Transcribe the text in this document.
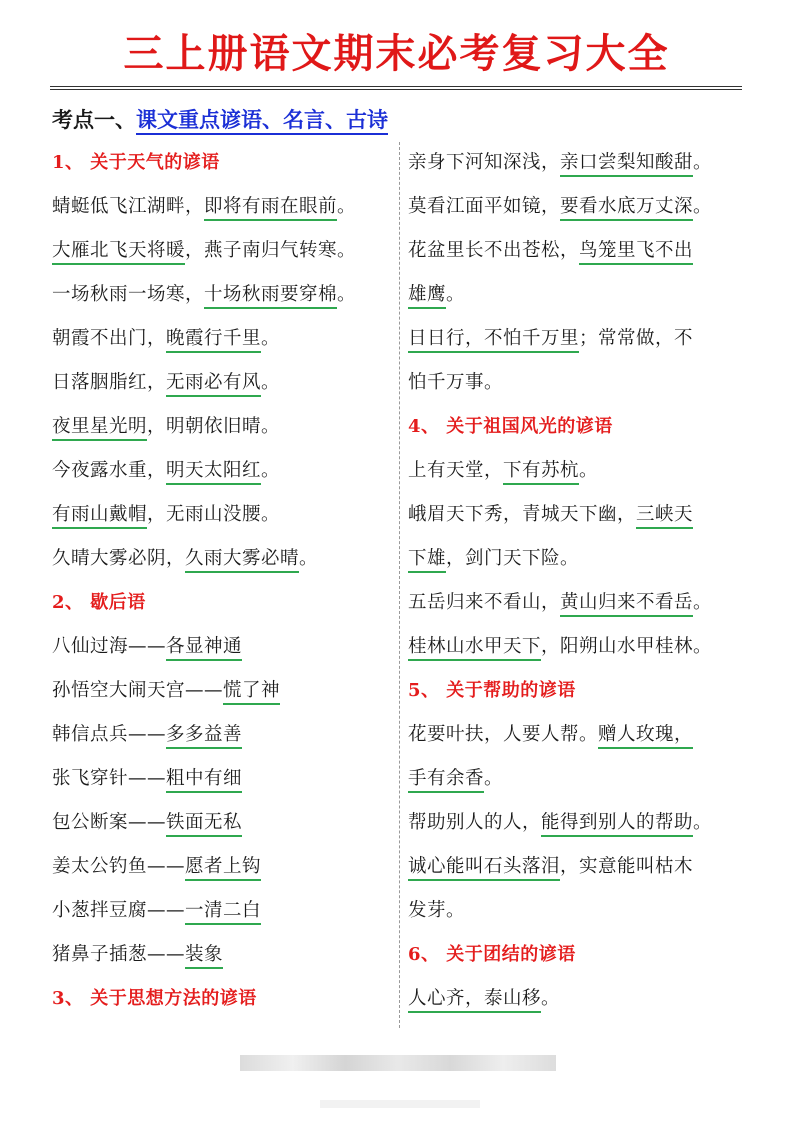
三上册语文期末必考复习大全
考点一、课文重点谚语、名言、古诗
1、 关于天气的谚语
蜻蜓低飞江湖畔，即将有雨在眼前。
大雁北飞天将暖，燕子南归气转寒。
一场秋雨一场寒，十场秋雨要穿棉。
朝霞不出门，晚霞行千里。
日落胭脂红，无雨必有风。
夜里星光明，明朝依旧晴。
今夜露水重，明天太阳红。
有雨山戴帽，无雨山没腰。
久晴大雾必阴，久雨大雾必晴。
2、 歇后语
八仙过海——各显神通
孙悟空大闹天宫——慌了神
韩信点兵——多多益善
张飞穿针——粗中有细
包公断案——铁面无私
姜太公钓鱼——愿者上钩
小葱拌豆腐——一清二白
猪鼻子插葱——装象
3、 关于思想方法的谚语
亲身下河知深浅，亲口尝梨知酸甜。
莫看江面平如镜，要看水底万丈深。
花盆里长不出苍松，鸟笼里飞不出
雄鹰。
日日行，不怕千万里；常常做，不
怕千万事。
4、 关于祖国风光的谚语
上有天堂，下有苏杭。
峨眉天下秀，青城天下幽，三峡天
下雄，剑门天下险。
五岳归来不看山，黄山归来不看岳。
桂林山水甲天下，阳朔山水甲桂林。
5、 关于帮助的谚语
花要叶扶，人要人帮。赠人玫瑰，
手有余香。
帮助别人的人，能得到别人的帮助。
诚心能叫石头落泪，实意能叫枯木
发芽。
6、 关于团结的谚语
人心齐，泰山移。
